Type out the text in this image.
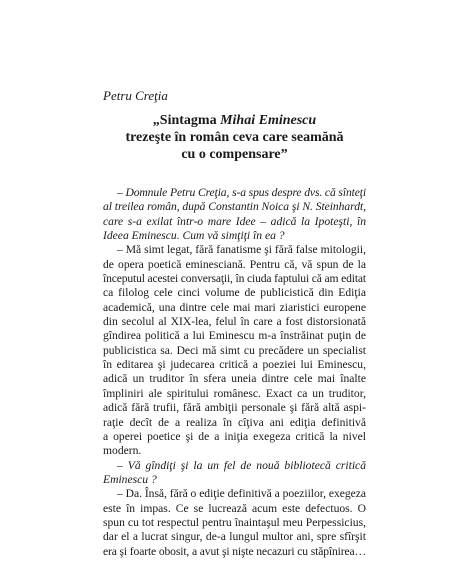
Petru Creţia

„Sintagma Mihai Eminescu
trezeşte în român ceva care seamănă
cu o compensare”
– Domnule Petru Creţia, s-a spus despre dvs. că sînteţi
al treilea român, după Constantin Noica şi N. Steinhardt,
care s-a exilat într-o mare Idee – adică la Ipoteşti, în
Ideea Eminescu. Cum vă simţiţi în ea ?
– Mă simt legat, fără fanatisme şi fără false mitologii,
de opera poetică eminesciană. Pentru că, vă spun de la
începutul acestei conversaţii, în ciuda faptului că am editat
ca filolog cele cinci volume de publicistică din Ediţia
academică, una dintre cele mai mari ziaristici europene
din secolul al XIX-lea, felul în care a fost distorsionată
gîndirea politică a lui Eminescu m-a înstrăinat puţin de
publicistica sa. Deci mă simt cu precădere un specialist
în editarea şi judecarea critică a poeziei lui Eminescu,
adică un truditor în sfera uneia dintre cele mai înalte
împliniri ale spiritului românesc. Exact ca un truditor,
adică fără trufii, fără ambiţii personale şi fără altă aspi-
raţie decît de a realiza în cîţiva ani ediţia definitivă
a operei poetice şi de a iniţia exegeza critică la nivel
modern.
– Vă gîndiţi şi la un fel de nouă bibliotecă critică
Eminescu ?
– Da. Însă, fără o ediţie definitivă a poeziilor, exegeza
este în impas. Ce se lucrează acum este defectuos. O
spun cu tot respectul pentru înaintaşul meu Perpessicius,
dar el a lucrat singur, de-a lungul multor ani, spre sfîrşit
era şi foarte obosit, a avut şi nişte necazuri cu stăpînirea…
